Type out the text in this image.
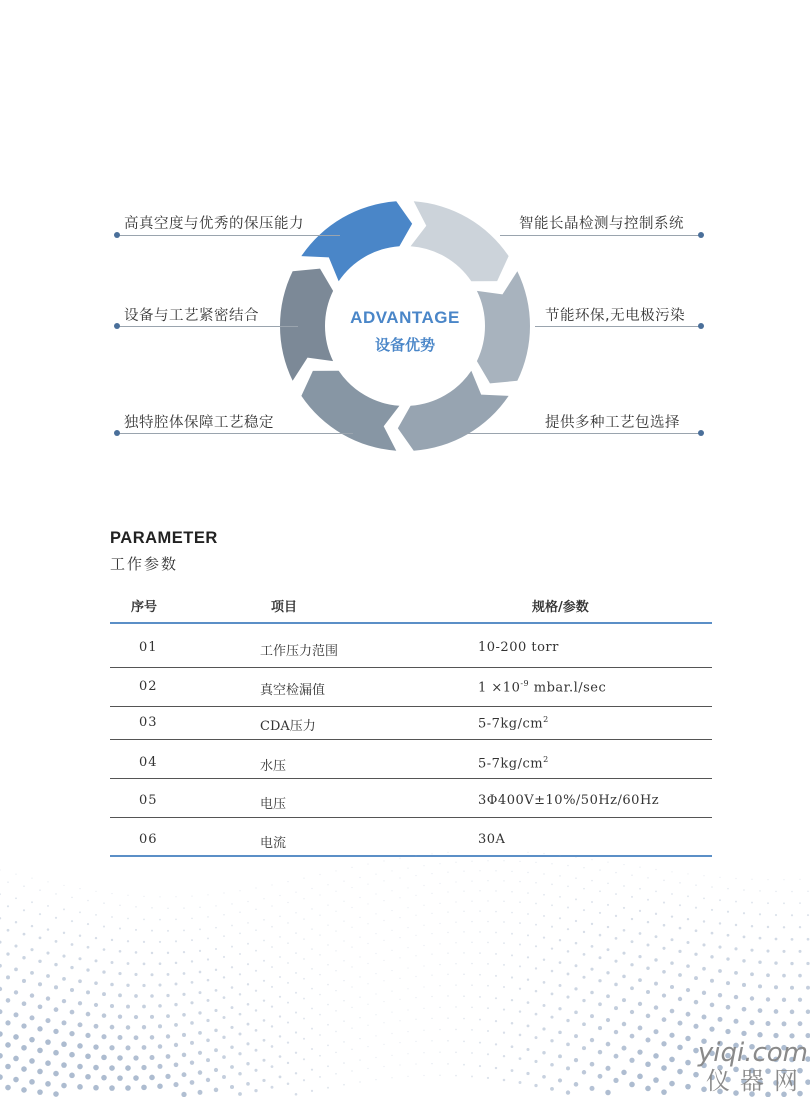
ADVANTAGE
设备优势
高真空度与优秀的保压能力
设备与工艺紧密结合
独特腔体保障工艺稳定
智能长晶检测与控制系统
节能环保,无电极污染
提供多种工艺包选择
PARAMETER
工作参数
序号	项目	规格/参数
01	工作压力范围	10-200 torr
02	真空检漏值	$1 \times 10^{-9}$ mbar.l/sec
03	CDA压力	$5-7kg/cm^2$
04	水压	$5-7kg/cm^2$
05	电压	3Φ400V±10%/50Hz/60Hz
06	电流	30A
yiqi.com
仪器网
